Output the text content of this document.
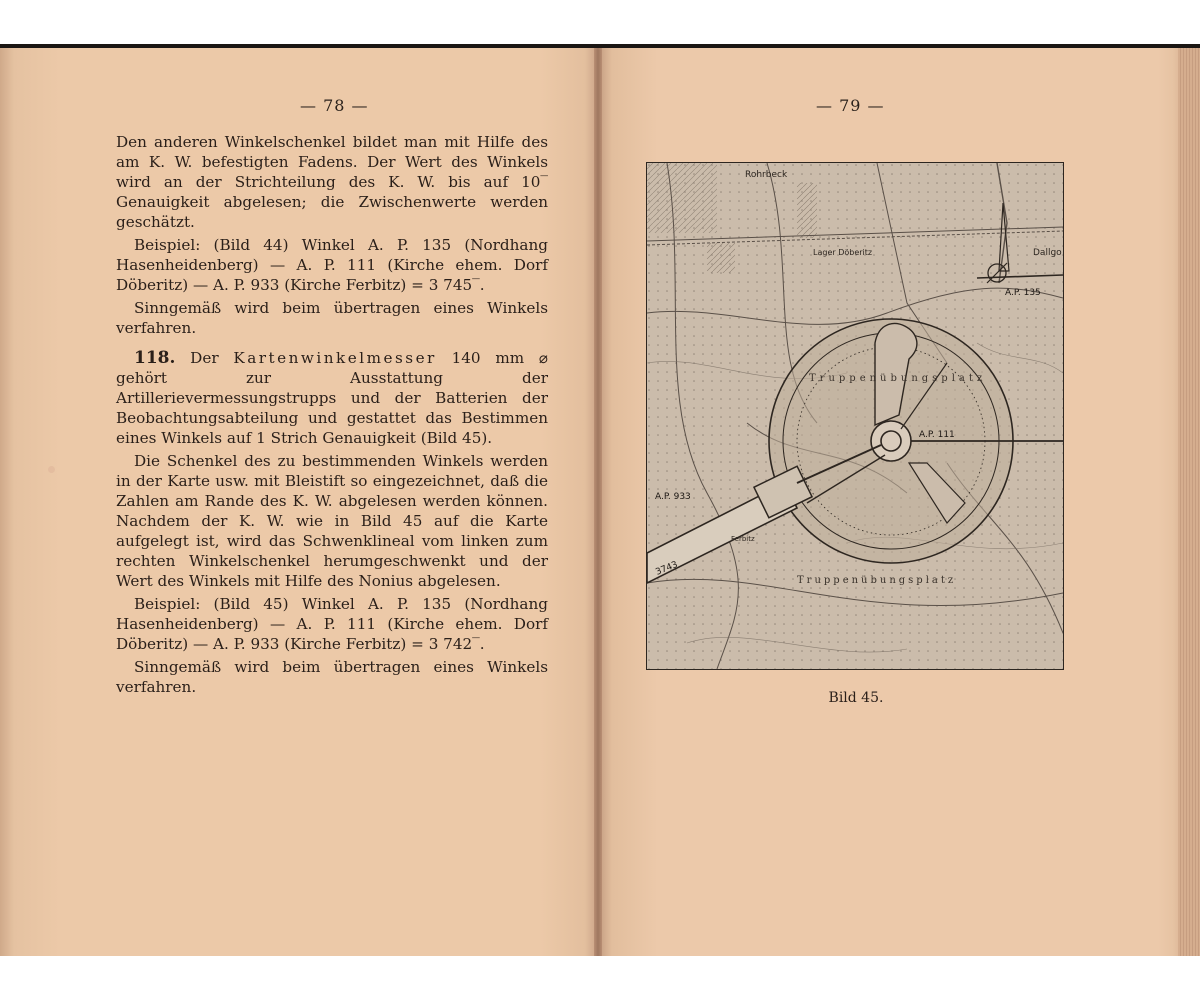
— 78 —

Den anderen Winkelschenkel bildet man mit Hilfe des am K. W. befestigten Fadens. Der Wert des Winkels wird an der Strichteilung des K. W. bis auf 10‾ Genauigkeit abgelesen; die Zwischenwerte werden geschätzt.

Beispiel: (Bild 44) Winkel A. P. 135 (Nordhang Hasenheidenberg) — A. P. 111 (Kirche ehem. Dorf Döberitz) — A. P. 933 (Kirche Ferbitz) = 3 745‾.

Sinngemäß wird beim übertragen eines Winkels verfahren.

118. Der Kartenwinkelmesser 140 mm ⌀ gehört zur Ausstattung der Artillerievermessungstrupps und der Batterien der Beobachtungsabteilung und gestattet das Bestimmen eines Winkels auf 1 Strich Genauigkeit (Bild 45).

Die Schenkel des zu bestimmenden Winkels werden in der Karte usw. mit Bleistift so eingezeichnet, daß die Zahlen am Rande des K. W. abgelesen werden können. Nachdem der K. W. wie in Bild 45 auf die Karte aufgelegt ist, wird das Schwenklineal vom linken zum rechten Winkelschenkel herumgeschwenkt und der Wert des Winkels mit Hilfe des Nonius abgelesen.

Beispiel: (Bild 45) Winkel A. P. 135 (Nordhang Hasenheidenberg) — A. P. 111 (Kirche ehem. Dorf Döberitz) — A. P. 933 (Kirche Ferbitz) = 3 742‾.

Sinngemäß wird beim übertragen eines Winkels verfahren.

— 79 —
Rohrbeck
Dallgo
Lager Döberitz
A.P. 135
A.P. 111
A.P. 933
Ferbitz
3743
Truppenübungsplatz
Truppenübungsplatz
Bild 45.
